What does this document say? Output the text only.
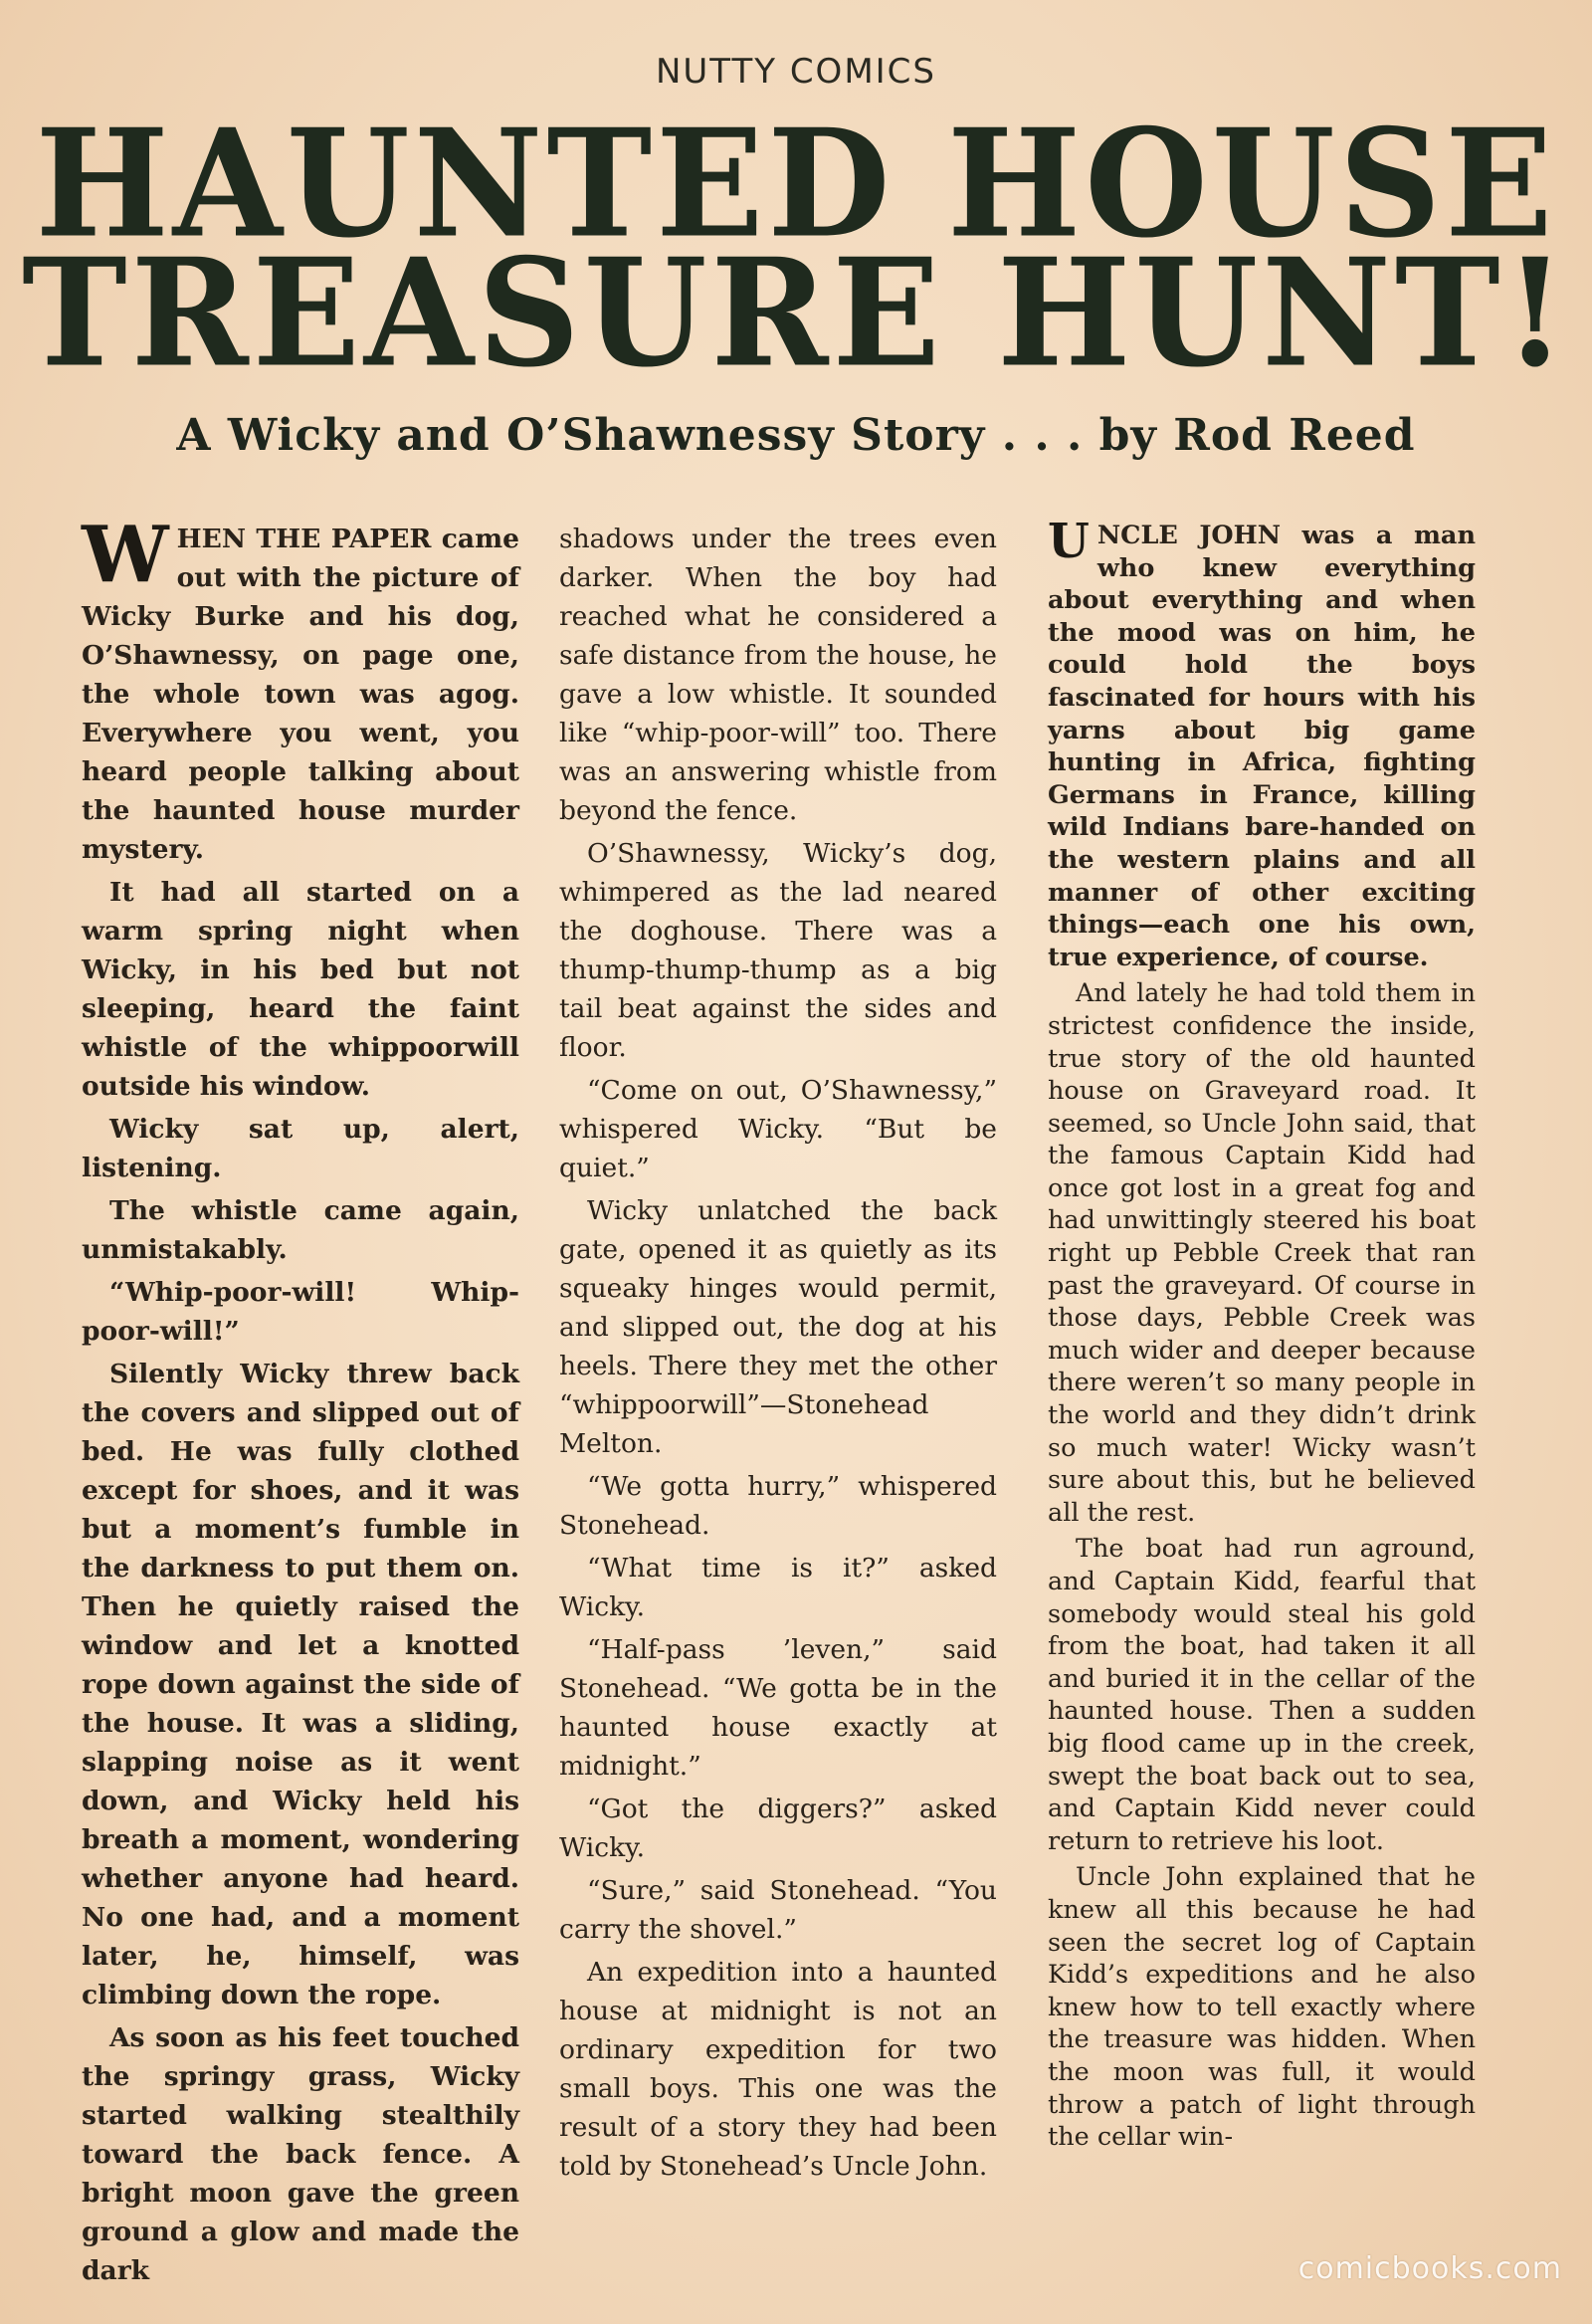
NUTTY COMICS
HAUNTED HOUSE
TREASURE HUNT!
A Wicky and O’Shawnessy Story . . . by Rod Reed

W HEN THE PAPER came out with the picture of Wicky Burke and his dog, O’Shawnessy, on page one, the whole town was agog. Everywhere you went, you heard people talking about the haunted house murder mystery.

It had all started on a warm spring night when Wicky, in his bed but not sleeping, heard the faint whistle of the whippoorwill outside his window.

Wicky sat up, alert, listening.

The whistle came again, unmistakably.

“Whip-poor-will! Whip-poor-will!”

Silently Wicky threw back the covers and slipped out of bed. He was fully clothed except for shoes, and it was but a moment’s fumble in the darkness to put them on. Then he quietly raised the window and let a knotted rope down against the side of the house. It was a sliding, slapping noise as it went down, and Wicky held his breath a moment, wondering whether anyone had heard. No one had, and a moment later, he, himself, was climbing down the rope.

As soon as his feet touched the springy grass, Wicky started walking stealthily toward the back fence. A bright moon gave the green ground a glow and made the dark

shadows under the trees even darker. When the boy had reached what he considered a safe distance from the house, he gave a low whistle. It sounded like “whip-poor-will” too. There was an answering whistle from beyond the fence.

O’Shawnessy, Wicky’s dog, whimpered as the lad neared the doghouse. There was a thump-thump-thump as a big tail beat against the sides and floor.

“Come on out, O’Shawnessy,” whispered Wicky. “But be quiet.”

Wicky unlatched the back gate, opened it as quietly as its squeaky hinges would permit, and slipped out, the dog at his heels. There they met the other “whippoorwill”—Stonehead Melton.

“We gotta hurry,” whispered Stonehead.

“What time is it?” asked Wicky.

“Half-pass ’leven,” said Stonehead. “We gotta be in the haunted house exactly at midnight.”

“Got the diggers?” asked Wicky.

“Sure,” said Stonehead. “You carry the shovel.”

An expedition into a haunted house at midnight is not an ordinary expedition for two small boys. This one was the result of a story they had been told by Stonehead’s Uncle John.

U NCLE JOHN was a man who knew everything about everything and when the mood was on him, he could hold the boys fascinated for hours with his yarns about big game hunting in Africa, fighting Germans in France, killing wild Indians bare-handed on the western plains and all manner of other exciting things—each one his own, true experience, of course.

And lately he had told them in strictest confidence the inside, true story of the old haunted house on Graveyard road. It seemed, so Uncle John said, that the famous Captain Kidd had once got lost in a great fog and had unwittingly steered his boat right up Pebble Creek that ran past the graveyard. Of course in those days, Pebble Creek was much wider and deeper because there weren’t so many people in the world and they didn’t drink so much water! Wicky wasn’t sure about this, but he believed all the rest.

The boat had run aground, and Captain Kidd, fearful that somebody would steal his gold from the boat, had taken it all and buried it in the cellar of the haunted house. Then a sudden big flood came up in the creek, swept the boat back out to sea, and Captain Kidd never could return to retrieve his loot.

Uncle John explained that he knew all this because he had seen the secret log of Captain Kidd’s expeditions and he also knew how to tell exactly where the treasure was hidden. When the moon was full, it would throw a patch of light through the cellar win-

comicbooks.com
